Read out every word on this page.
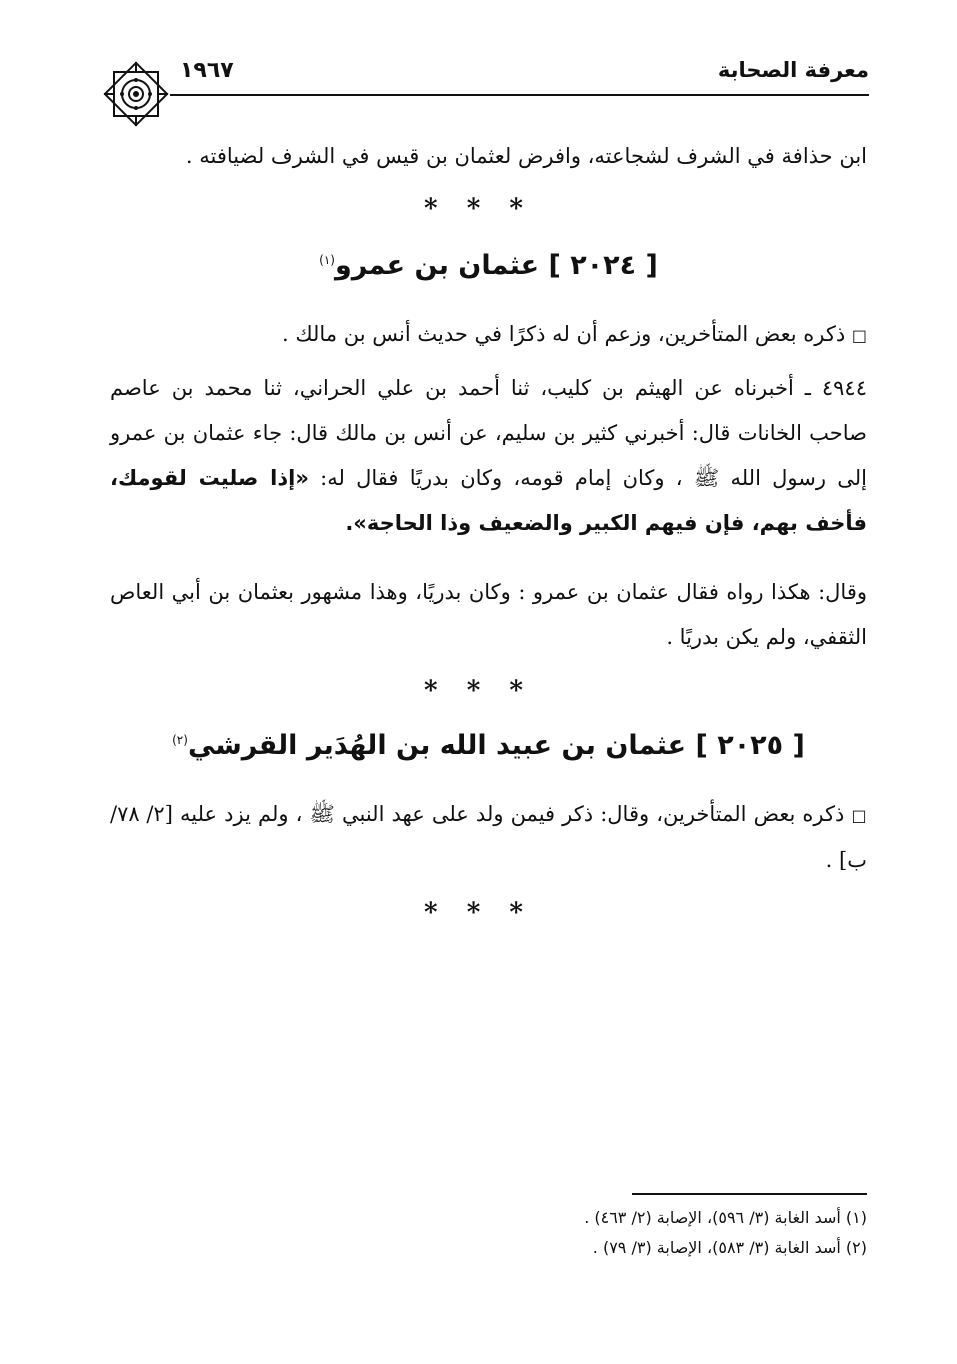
معرفة الصحابة
١٩٦٧
ابن حذافة في الشرف لشجاعته، وافرض لعثمان بن قيس في الشرف لضيافته .
* * *
[ ٢٠٢٤ ] عثمان بن عمرو$^{(١)}$
□ ذكره بعض المتأخرين، وزعم أن له ذكرًا في حديث أنس بن مالك .
٤٩٤٤ ـ أخبرناه عن الهيثم بن كليب، ثنا أحمد بن علي الحراني، ثنا محمد بن عاصم صاحب الخانات قال: أخبرني كثير بن سليم، عن أنس بن مالك قال: جاء عثمان بن عمرو إلى رسول الله ﷺ ، وكان إمام قومه، وكان بدريًا فقال له: «إذا صليت لقومك، فأخف بهم، فإن فيهم الكبير والضعيف وذا الحاجة».
وقال: هكذا رواه فقال عثمان بن عمرو : وكان بدريًا، وهذا مشهور بعثمان بن أبي العاص الثقفي، ولم يكن بدريًا .
* * *
[ ٢٠٢٥ ] عثمان بن عبيد الله بن الهُدَير القرشي$^{(٢)}$
□ ذكره بعض المتأخرين، وقال: ذكر فيمن ولد على عهد النبي ﷺ ، ولم يزد عليه [٢/ ٧٨/ ب] .
* * *
(١) أسد الغابة (٣/ ٥٩٦)، الإصابة (٢/ ٤٦٣) .
(٢) أسد الغابة (٣/ ٥٨٣)، الإصابة (٣/ ٧٩) .
